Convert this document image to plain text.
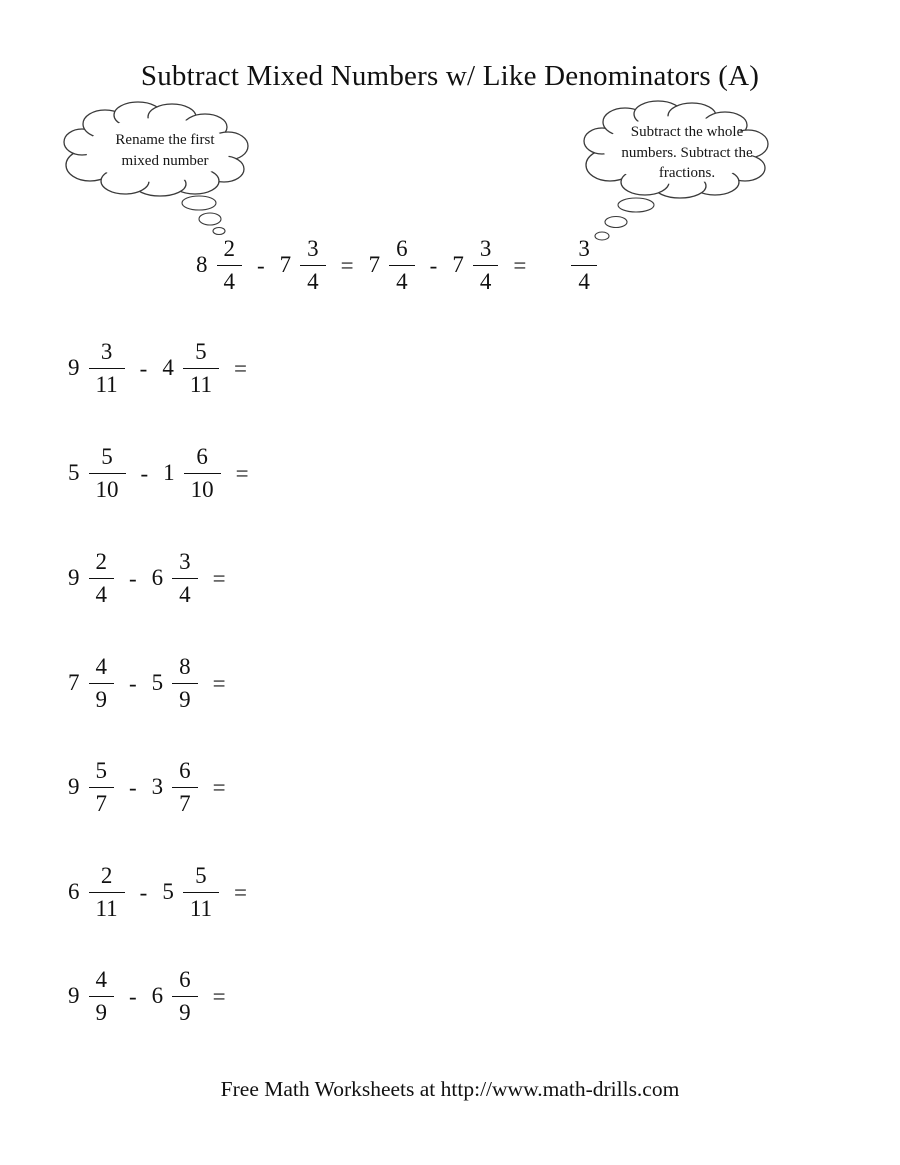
Subtract Mixed Numbers w/ Like Denominators (A)
Rename the first mixed number
Subtract the whole numbers. Subtract the fractions.
$8 \frac{2}{4} - 7 \frac{3}{4} = 7 \frac{6}{4} - 7 \frac{3}{4} = \frac{3}{4}$
$9 \frac{3}{11} - 4 \frac{5}{11}$ =
$5 \frac{5}{10} - 1 \frac{6}{10}$ =
$9 \frac{2}{4} - 6 \frac{3}{4}$ =
$7 \frac{4}{9} - 5 \frac{8}{9}$ =
$9 \frac{5}{7} - 3 \frac{6}{7}$ =
$6 \frac{2}{11} - 5 \frac{5}{11}$ =
$9 \frac{4}{9} - 6 \frac{6}{9}$ =
Free Math Worksheets at http://www.math-drills.com
